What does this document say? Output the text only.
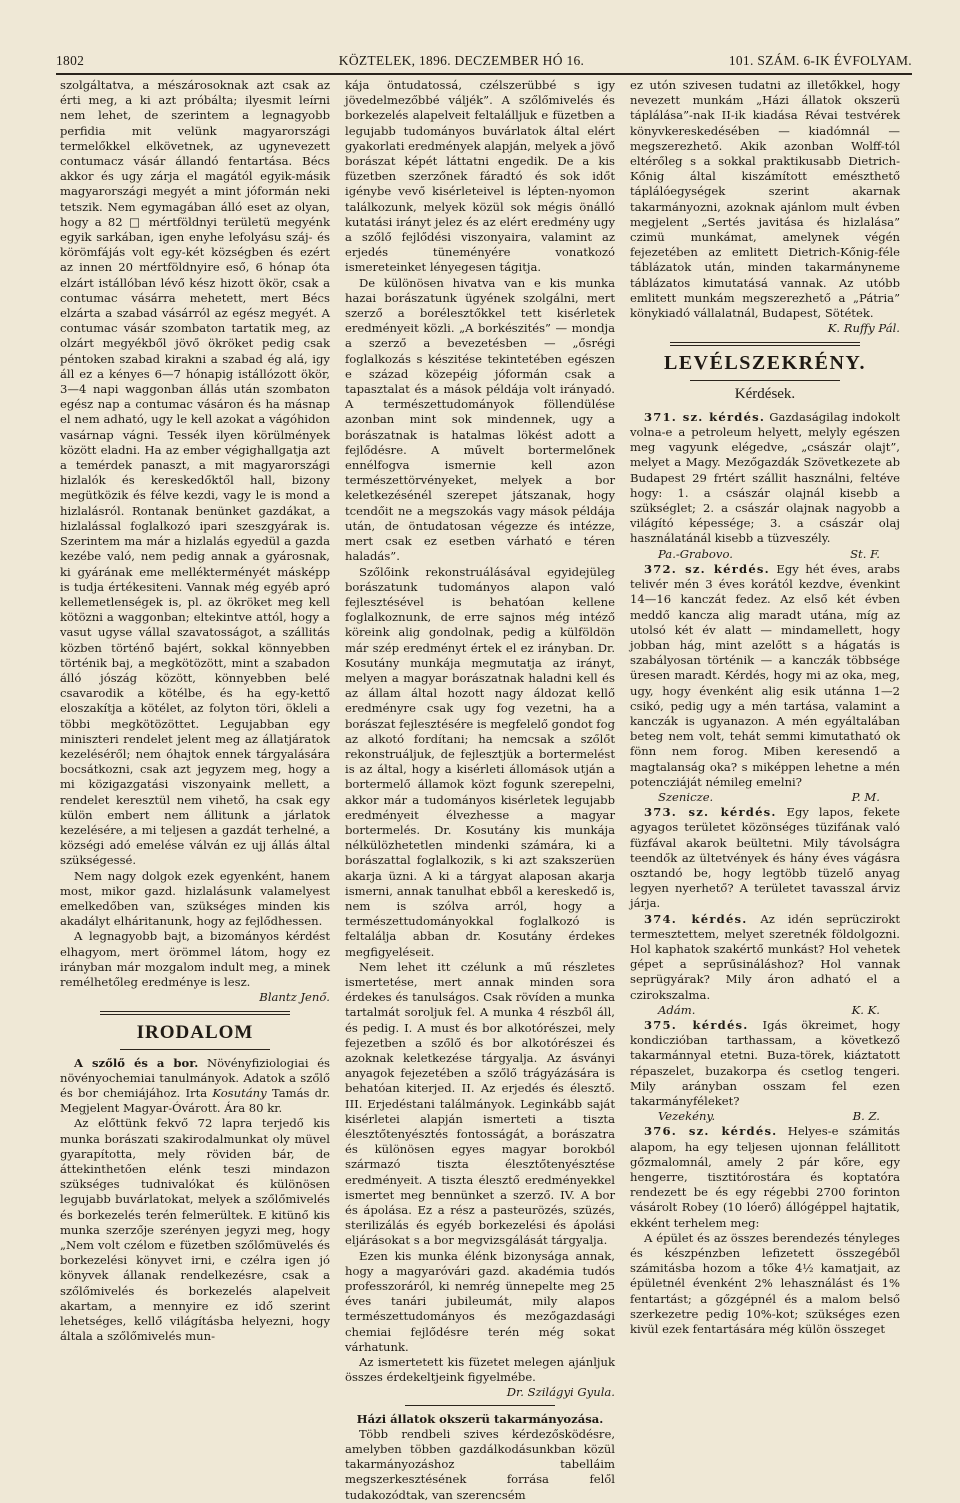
1802	KÖZTELEK, 1896. DECZEMBER HÓ 16.	101. SZÁM. 6-IK ÉVFOLYAM.

szolgáltatva, a mészárosoknak azt csak az érti meg, a ki azt próbálta; ilyesmit leírni nem lehet, de szerintem a legnagyobb perfidia mit velünk magyarországi termelőkkel elkövetnek, az ugynevezett contumacz vásár állandó fentartása. Bécs akkor és ugy zárja el magától egyik-másik magyarországi megyét a mint jóformán neki tetszik. Nem egymagában álló eset az olyan, hogy a 82 □ mértföldnyi területü megyénk egyik sarkában, igen enyhe lefolyásu száj- és körömfájás volt egy-két községben és ezért az innen 20 mértföldnyire eső, 6 hónap óta elzárt istállóban lévő kész hizott ökör, csak a contumac vásárra mehetett, mert Bécs elzárta a szabad vásárról az egész megyét. A contumac vásár szombaton tartatik meg, az olzárt megyékből jövő ökröket pedig csak péntoken szabad kirakni a szabad ég alá, igy áll ez a kényes 6—7 hónapig istállózott ökör, 3—4 napi waggonban állás után szombaton egész nap a contumac vásáron és ha másnap el nem adható, ugy le kell azokat a vágóhidon vasárnap vágni. Tessék ilyen körülmények között eladni. Ha az ember végighallgatja azt a temérdek panaszt, a mit magyarországi hizlalók és kereskedőktől hall, bizony megütközik és félve kezdi, vagy le is mond a hizlalásról. Rontanak benünket gazdákat, a hizlalással foglalkozó ipari szeszgyárak is. Szerintem ma már a hizlalás egyedül a gazda kezébe való, nem pedig annak a gyárosnak, ki gyárának eme mellékterményét másképp is tudja értékesiteni. Vannak még egyéb apró kellemetlenségek is, pl. az ökröket meg kell kötözni a waggonban; eltekintve attól, hogy a vasut ugyse vállal szavatosságot, a szállitás közben történő bajért, sokkal könnyebben történik baj, a megkötözött, mint a szabadon álló jószág között, könnyebben belé csavarodik a kötélbe, és ha egy-kettő eloszakítja a kötélet, az folyton töri, ökleli a többi megkötözöttet. Legujabban egy miniszteri rendelet jelent meg az állatjáratok kezeléséről; nem óhajtok ennek tárgyalására bocsátkozni, csak azt jegyzem meg, hogy a mi közigazgatási viszonyaink mellett, a rendelet keresztül nem vihető, ha csak egy külön embert nem állitunk a járlatok kezelésére, a mi teljesen a gazdát terhelné, a községi adó emelése válván ez ujj állás által szükségessé.

Nem nagy dolgok ezek egyenként, hanem most, mikor gazd. hizlalásunk valamelyest emelkedőben van, szükséges minden kis akadályt elháritanunk, hogy az fejlődhessen.

A legnagyobb bajt, a bizományos kérdést elhagyom, mert örömmel látom, hogy ez irányban már mozgalom indult meg, a minek remélhetőleg eredménye is lesz.

Blantz Jenő.

IRODALOM

A szőlő és a bor. Növényfiziologiai és növényochemiai tanulmányok. Adatok a szőlő és bor chemiájához. Irta Kosutány Tamás dr. Megjelent Magyar-Óvárott. Ára 80 kr.

Az előttünk fekvő 72 lapra terjedő kis munka borászati szakirodalmunkat oly müvel gyarapította, mely röviden bár, de áttekinthetően elénk teszi mindazon szükséges tudnivalókat és különösen legujabb buvárlatokat, melyek a szőlőmivelés és borkezelés terén felmerültek. E kitünő kis munka szerzője szerényen jegyzi meg, hogy „Nem volt czélom e füzetben szőlőmüvelés és borkezelési könyvet irni, e czélra igen jó könyvek állanak rendelkezésre, csak a szőlőmivelés és borkezelés alapelveit akartam, a mennyire ez idő szerint lehetséges, kellő világításba helyezni, hogy általa a szőlőmivelés mun-

kája öntudatossá, czélszerübbé s igy jövedelmezőbbé váljék”. A szőlőmivelés és borkezelés alapelveit feltalálljuk e füzetben a legujabb tudományos buvárlatok által elért gyakorlati eredmények alapján, melyek a jövő borászat képét láttatni engedik. De a kis füzetben szerzőnek fáradtó és sok időt igénybe vevő kisérleteivel is lépten-nyomon találkozunk, melyek közül sok mégis önálló kutatási irányt jelez és az elért eredmény ugy a szőlő fejlődési viszonyaira, valamint az erjedés tüneményére vonatkozó ismereteinket lényegesen tágitja.

De különösen hivatva van e kis munka hazai borászatunk ügyének szolgálni, mert szerző a borélesztőkkel tett kisérletek eredményeit közli. „A borkészités” — mondja a szerző a bevezetésben — „ősrégi foglalkozás s készitése tekintetében egészen e század közepéig jóformán csak a tapasztalat és a mások példája volt irányadó. A természettudományok föllendülése azonban mint sok mindennek, ugy a borászatnak is hatalmas lökést adott a fejlődésre. A művelt bortermelőnek ennélfogva ismernie kell azon természettörvényeket, melyek a bor keletkezésénél szerepet játszanak, hogy tcendőit ne a megszokás vagy mások példája után, de öntudatosan végezze és intézze, mert csak ez esetben várható e téren haladás”.

Szőlőink rekonstruálásával egyidejüleg borászatunk tudományos alapon való fejlesztésével is behatóan kellene foglalkoznunk, de erre sajnos még intéző köreink alig gondolnak, pedig a külföldön már szép eredményt értek el ez irányban. Dr. Kosutány munkája megmutatja az irányt, melyen a magyar borászatnak haladni kell és az állam által hozott nagy áldozat kellő eredményre csak ugy fog vezetni, ha a borászat fejlesztésére is megfelelő gondot fog az alkotó fordítani; ha nemcsak a szőlőt rekonstruáljuk, de fejlesztjük a bortermelést is az által, hogy a kisérleti állomások utján a bortermelő államok közt fogunk szerepelni, akkor már a tudományos kisérletek legujabb eredményeit élvezhesse a magyar bortermelés. Dr. Kosutány kis munkája nélkülözhetetlen mindenki számára, ki a borászattal foglalkozik, s ki azt szakszerüen akarja üzni. A ki a tárgyat alaposan akarja ismerni, annak tanulhat ebből a kereskedő is, nem is szólva arról, hogy a természettudományokkal foglalkozó is feltalálja abban dr. Kosutány érdekes megfigyeléseit.

Nem lehet itt czélunk a mű részletes ismertetése, mert annak minden sora érdekes és tanulságos. Csak rövíden a munka tartalmát soroljuk fel. A munka 4 részből áll, és pedig. I. A must és bor alkotórészei, mely fejezetben a szőlő és bor alkotórészei és azoknak keletkezése tárgyalja. Az ásványi anyagok fejezetében a szőlő trágyázására is behatóan kiterjed. II. Az erjedés és élesztő. III. Erjedéstani találmányok. Leginkább saját kisérletei alapján ismerteti a tiszta élesztőtenyésztés fontosságát, a borászatra és különösen egyes magyar borokból származó tiszta élesztőtenyésztése eredményeit. A tiszta élesztő eredményekkel ismertet meg bennünket a szerző. IV. A bor és ápolása. Ez a rész a pasteurözés, szüzés, sterilizálás és egyéb borkezelési és ápolási eljárásokat s a bor megvizsgálását tárgyalja.

Ezen kis munka élénk bizonysága annak, hogy a magyaróvári gazd. akadémia tudós professzoráról, ki nemrég ünnepelte meg 25 éves tanári jubileumát, mily alapos természettudományos és mezőgazdasági chemiai fejlődésre terén még sokat várhatunk.

Az ismertetett kis füzetet melegen ajánljuk összes érdekeltjeink figyelmébe.

Dr. Szilágyi Gyula.

Házi állatok okszerü takarmányozása.

Több rendbeli szives kérdezősködésre, amelyben többen gazdálkodásunkban közül takarmányozáshoz tabelláim megszerkesztésének forrása felől tudakozódtak, van szerencsém

ez utón szivesen tudatni az illetőkkel, hogy nevezett munkám „Házi állatok okszerü táplálása”-nak II-ik kiadása Révai testvérek könyvkereskedésében — kiadómnál — megszerezhető. Akik azonban Wolff-tól eltérőleg s a sokkal praktikusabb Dietrich-Kőnig által kiszámított emészthető táplálóegységek szerint akarnak takarmányozni, azoknak ajánlom mult évben megjelent „Sertés javitása és hizlalása” czimü munkámat, amelynek végén fejezetében az emlitett Dietrich-Kőnig-féle táblázatok után, minden takarmányneme táblázatos kimutatásá vannak. Az utóbb emlitett munkám megszerezhető a „Pátria” könykiadó vállalatnál, Budapest, Sötétek.

K. Ruffy Pál.

LEVÉLSZEKRÉNY.
Kérdések.

371. sz. kérdés. Gazdaságilag indokolt volna-e a petroleum helyett, melyly egészen meg vagyunk elégedve, „császár olajt”, melyet a Magy. Mezőgazdák Szövetkezete ab Budapest 29 frtért szállit használni, feltéve hogy: 1. a császár olajnál kisebb a szükséglet; 2. a császár olajnak nagyobb a világító képessége; 3. a császár olaj használatánál kisebb a tüzveszély.

Pa.-Grabovo.	St. F.

372. sz. kérdés. Egy hét éves, arabs telivér mén 3 éves korától kezdve, évenkint 14—16 kanczát fedez. Az első két évben meddő kancza alig maradt utána, míg az utolsó két év alatt — mindamellett, hogy jobban hág, mint azelőtt s a hágatás is szabályosan történik — a kanczák többsége üresen maradt. Kérdés, hogy mi az oka, meg, ugy, hogy évenként alig esik utánna 1—2 csikó, pedig ugy a mén tartása, valamint a kanczák is ugyanazon. A mén egyáltalában beteg nem volt, tehát semmi kimutatható ok fönn nem forog. Miben keresendő a magtalanság oka? s miképpen lehetne a mén potencziáját némileg emelni?

Szenicze.	P. M.

373. sz. kérdés. Egy lapos, fekete agyagos területet közönséges tüzifának való füzfával akarok beültetni. Mily távolságra teendők az ültetvények és hány éves vágásra osztandó be, hogy legtöbb tüzelő anyag legyen nyerhető? A területet tavasszal árviz járja.

374. kérdés. Az idén seprüczirokt termesztettem, melyet szeretnék földolgozni. Hol kaphatok szakértő munkást? Hol vehetek gépet a seprűsináláshoz? Hol vannak seprügyárak? Mily áron adható el a czirokszalma.

Adám.	K. K.

375. kérdés. Igás ökreimet, hogy kondiczióban tarthassam, a következő takarmánnyal etetni. Buza-törek, kiáztatott répaszelet, buzakorpa és csetlog tengeri. Mily arányban osszam fel ezen takarmányféleket?

Vezekény.	B. Z.

376. sz. kérdés. Helyes-e számitás alapom, ha egy teljesen ujonnan felállitott gőzmalomnál, amely 2 pár kőre, egy hengerre, tisztitórostára és koptatóra rendezett be és egy régebbi 2700 forinton vásárolt Robey (10 lóerő) állógéppel hajtatik, ekként terhelem meg:

A épület és az összes berendezés tényleges és készpénzben lefizetett összegéből számitásba hozom a tőke 4½ kamatjait, az épületnél évenként 2% lehasználást és 1% fentartást; a gőzgépnél és a malom belső szerkezetre pedig 10%-kot; szükséges ezen kivül ezek fentartására még külön összeget
